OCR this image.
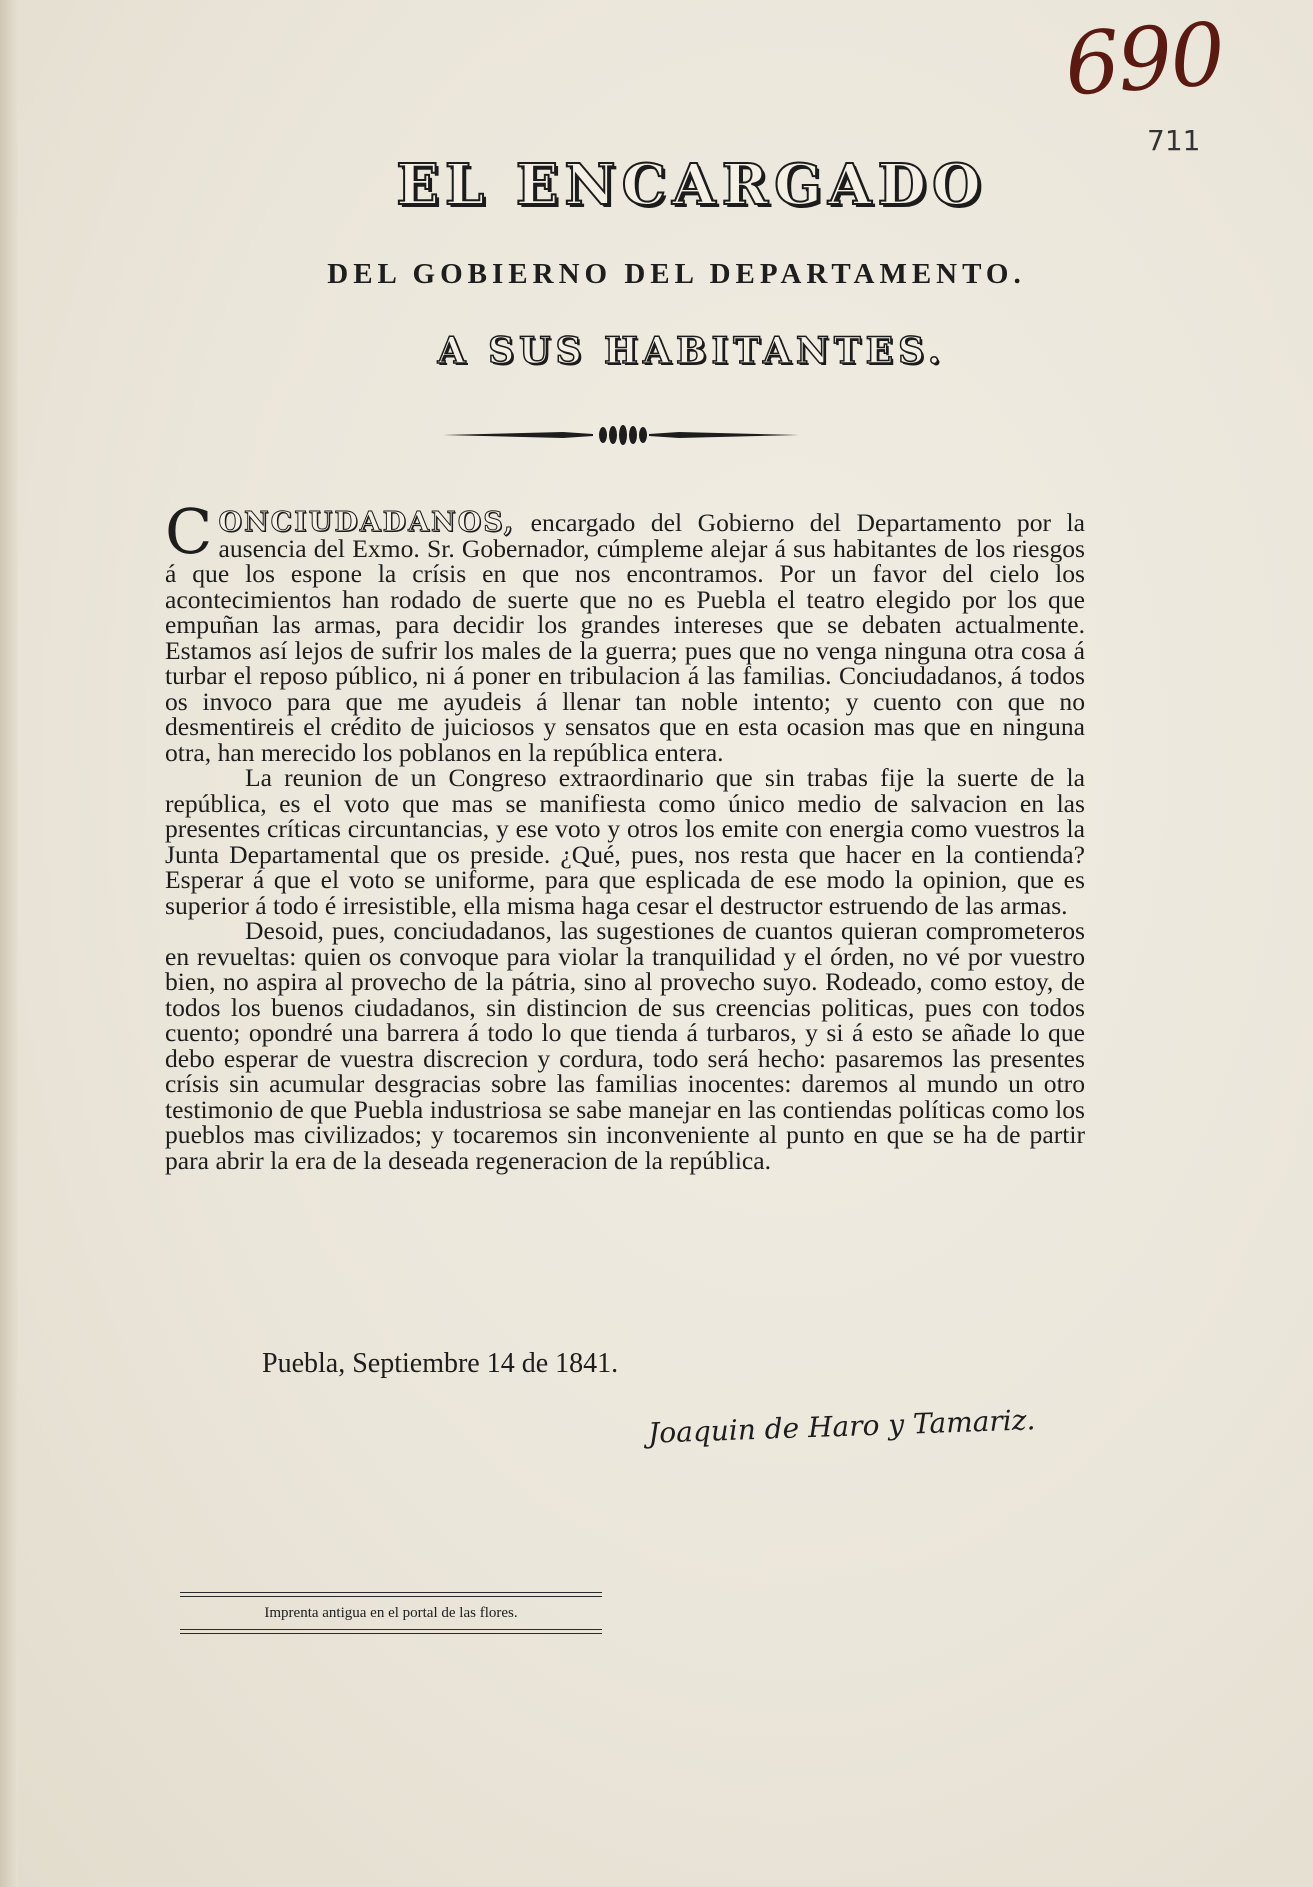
690
711
EL ENCARGADO
DEL GOBIERNO DEL DEPARTAMENTO.
A SUS HABITANTES.

CONCIUDADANOS, encargado del Gobierno del Departamento por la ausencia del Exmo. Sr. Gobernador, cúmpleme alejar á sus habitantes de los riesgos á que los espone la crísis en que nos encontramos. Por un favor del cielo los acontecimientos han rodado de suerte que no es Puebla el teatro elegido por los que empuñan las armas, para decidir los grandes intereses que se debaten actualmente. Estamos así lejos de sufrir los males de la guerra; pues que no venga ninguna otra cosa á turbar el reposo público, ni á poner en tribulacion á las familias. Conciudadanos, á todos os invoco para que me ayudeis á llenar tan noble intento; y cuento con que no desmentireis el crédito de juiciosos y sensatos que en esta ocasion mas que en ninguna otra, han merecido los poblanos en la república entera.

La reunion de un Congreso extraordinario que sin trabas fije la suerte de la república, es el voto que mas se manifiesta como único medio de salvacion en las presentes críticas circuntancias, y ese voto y otros los emite con energia como vuestros la Junta Departamental que os preside. ¿Qué, pues, nos resta que hacer en la contienda? Esperar á que el voto se uniforme, para que esplicada de ese modo la opinion, que es superior á todo é irresistible, ella misma haga cesar el destructor estruendo de las armas.

Desoid, pues, conciudadanos, las sugestiones de cuantos quieran comprometeros en revueltas: quien os convoque para violar la tranquilidad y el órden, no vé por vuestro bien, no aspira al provecho de la pátria, sino al provecho suyo. Rodeado, como estoy, de todos los buenos ciudadanos, sin distincion de sus creencias politicas, pues con todos cuento; opondré una barrera á todo lo que tienda á turbaros, y si á esto se añade lo que debo esperar de vuestra discrecion y cordura, todo será hecho: pasaremos las presentes crísis sin acumular desgracias sobre las familias inocentes: daremos al mundo un otro testimonio de que Puebla industriosa se sabe manejar en las contiendas políticas como los pueblos mas civilizados; y tocaremos sin inconveniente al punto en que se ha de partir para abrir la era de la deseada regeneracion de la república.

Puebla, Septiembre 14 de 1841.
Joaquin de Haro y Tamariz.
Imprenta antigua en el portal de las flores.
